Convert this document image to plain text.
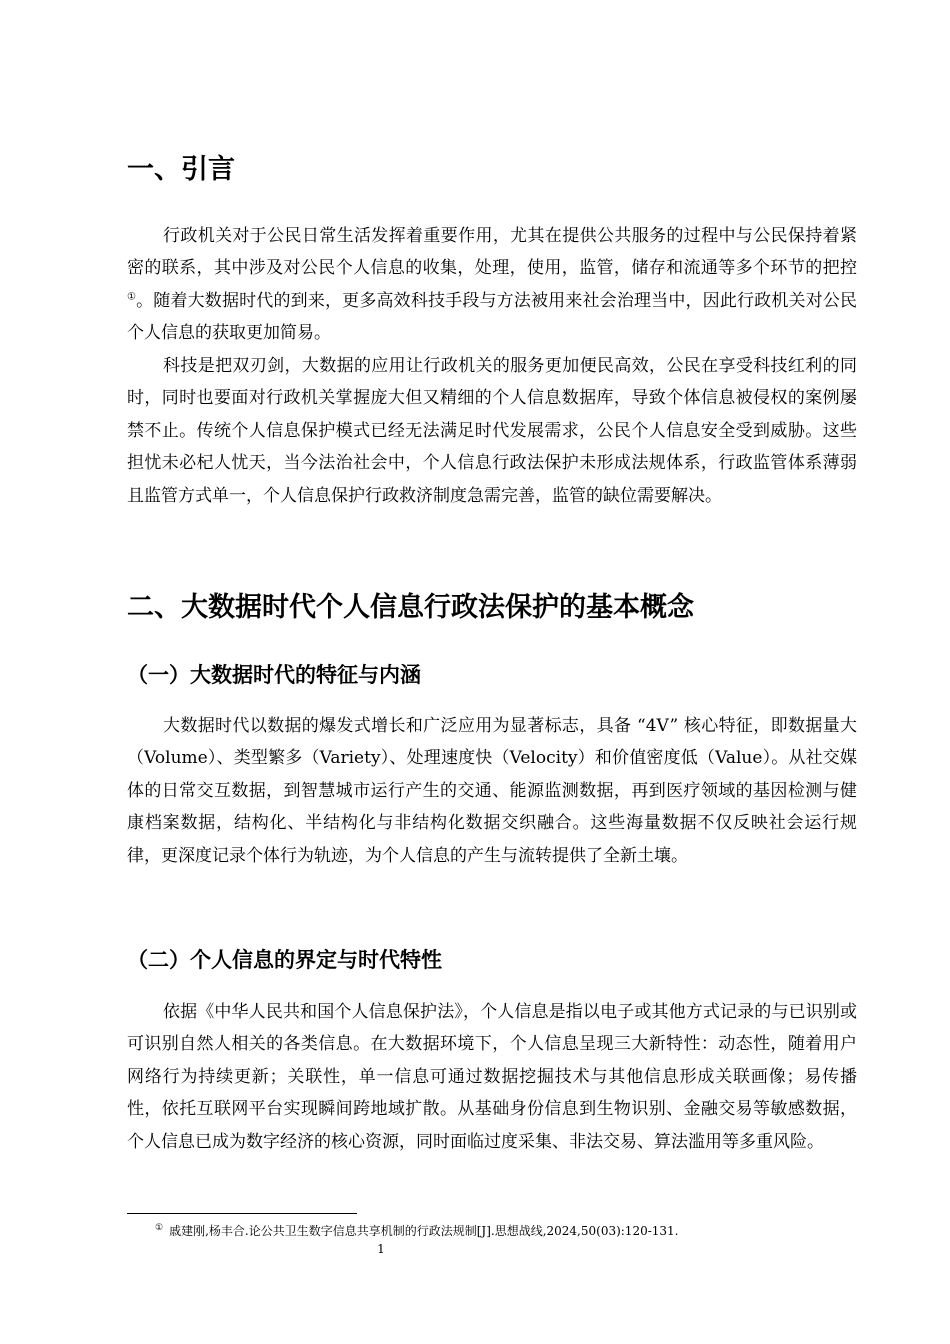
一、引言

行政机关对于公民日常生活发挥着重要作用，尤其在提供公共服务的过程中与公民保持着紧密的联系，其中涉及对公民个人信息的收集，处理，使用，监管，储存和流通等多个环节的把控①。随着大数据时代的到来，更多高效科技手段与方法被用来社会治理当中，因此行政机关对公民个人信息的获取更加简易。

科技是把双刃剑，大数据的应用让行政机关的服务更加便民高效，公民在享受科技红利的同时，同时也要面对行政机关掌握庞大但又精细的个人信息数据库，导致个体信息被侵权的案例屡禁不止。传统个人信息保护模式已经无法满足时代发展需求，公民个人信息安全受到威胁。这些担忧未必杞人忧天，当今法治社会中，个人信息行政法保护未形成法规体系，行政监管体系薄弱且监管方式单一，个人信息保护行政救济制度急需完善，监管的缺位需要解决。

二、大数据时代个人信息行政法保护的基本概念
（一）大数据时代的特征与内涵

大数据时代以数据的爆发式增长和广泛应用为显著标志，具备 “4V” 核心特征，即数据量大（Volume）、类型繁多（Variety）、处理速度快（Velocity）和价值密度低（Value）。从社交媒体的日常交互数据，到智慧城市运行产生的交通、能源监测数据，再到医疗领域的基因检测与健康档案数据，结构化、半结构化与非结构化数据交织融合。这些海量数据不仅反映社会运行规律，更深度记录个体行为轨迹，为个人信息的产生与流转提供了全新土壤。

（二）个人信息的界定与时代特性

依据《中华人民共和国个人信息保护法》，个人信息是指以电子或其他方式记录的与已识别或可识别自然人相关的各类信息。在大数据环境下，个人信息呈现三大新特性：动态性，随着用户网络行为持续更新；关联性，单一信息可通过数据挖掘技术与其他信息形成关联画像；易传播性，依托互联网平台实现瞬间跨地域扩散。从基础身份信息到生物识别、金融交易等敏感数据，个人信息已成为数字经济的核心资源，同时面临过度采集、非法交易、算法滥用等多重风险。

① 戚建刚,杨丰合.论公共卫生数字信息共享机制的行政法规制[J].思想战线,2024,50(03):120-131.
1
